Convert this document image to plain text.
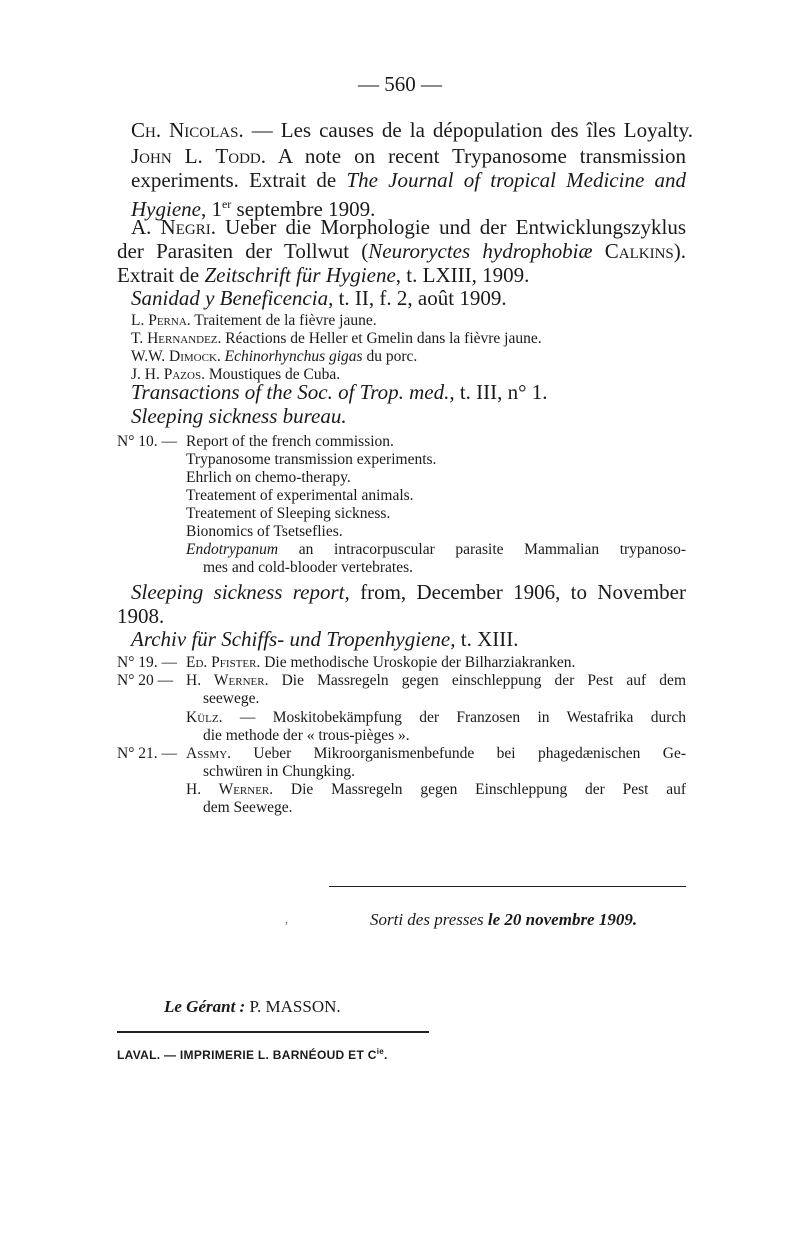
— 560 —
Ch. Nicolas. — Les causes de la dépopulation des îles Loyalty.
John L. Todd. A note on recent Trypanosome transmission
experiments. Extrait de The Journal of tropical Medicine and
Hygiene, 1er septembre 1909.
A. Negri. Ueber die Morphologie und der Entwicklungszyklus
der Parasiten der Tollwut (Neuroryctes hydrophobiæ Calkins).
Extrait de Zeitschrift für Hygiene, t. LXIII, 1909.
Sanidad y Beneficencia, t. II, f. 2, août 1909.
L. Perna. Traitement de la fièvre jaune.
T. Hernandez. Réactions de Heller et Gmelin dans la fièvre jaune.
W.W. Dimock. Echinorhynchus gigas du porc.
J. H. Pazos. Moustiques de Cuba.
Transactions of the Soc. of Trop. med., t. III, n° 1.
Sleeping sickness bureau.
N° 10. — Report of the french commission.
Trypanosome transmission experiments.
Ehrlich on chemo-therapy.
Treatement of experimental animals.
Treatement of Sleeping sickness.
Bionomics of Tsetseflies.
Endotrypanum an intracorpuscular parasite Mammalian trypanoso-
mes and cold-blooder vertebrates.
Sleeping sickness report, from, December 1906, to November
1908.
Archiv für Schiffs- und Tropenhygiene, t. XIII.
N° 19. — Ed. Pfister. Die methodische Uroskopie der Bilharziakranken.
N° 20 — H. Werner. Die Massregeln gegen einschleppung der Pest auf dem
seewege.
Külz. — Moskitobekämpfung der Franzosen in Westafrika durch
die methode der « trous-pièges ».
N° 21. — Assmy. Ueber Mikroorganismenbefunde bei phagedænischen Ge-
schwüren in Chungking.
H. Werner. Die Massregeln gegen Einschleppung der Pest auf
dem Seewege.
,	Sorti des presses le 20 novembre 1909.
Le Gérant : P. MASSON.
LAVAL. — IMPRIMERIE L. BARNÉOUD ET $C^{ie}$.
